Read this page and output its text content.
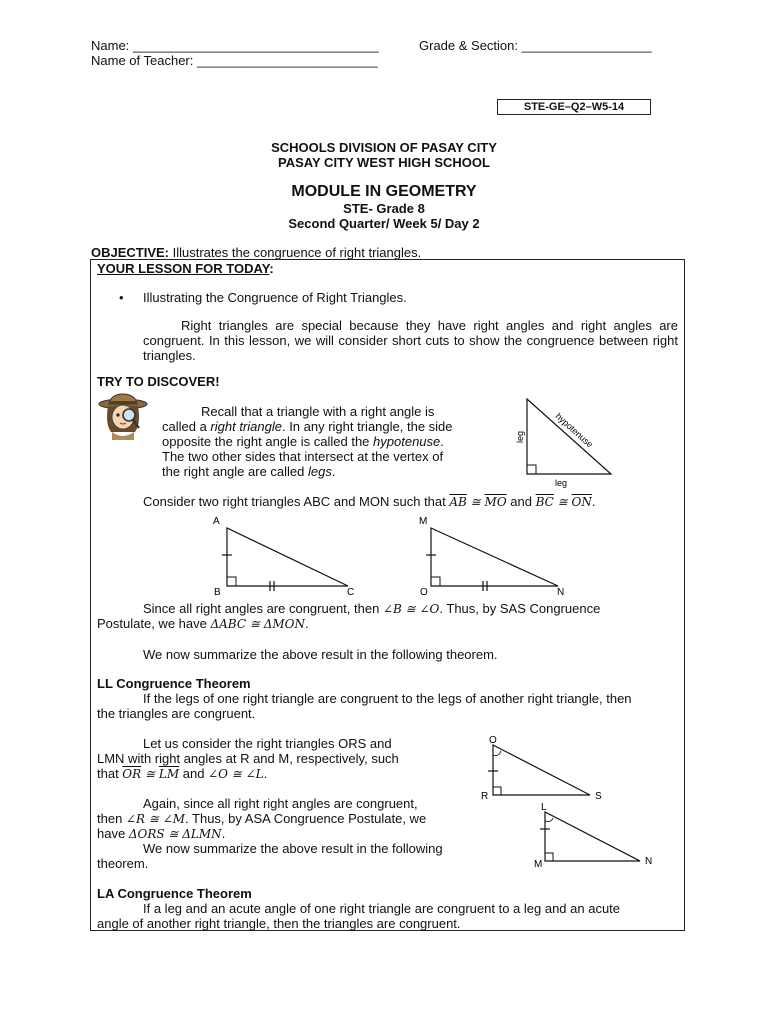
Name: __________________________________	Grade & Section: __________________
Name of Teacher: _________________________
STE-GE–Q2–W5-14
SCHOOLS DIVISION OF PASAY CITY
PASAY CITY WEST HIGH SCHOOL
MODULE IN GEOMETRY
STE- Grade 8
Second Quarter/ Week 5/ Day 2
OBJECTIVE: Illustrates the congruence of right triangles.
YOUR LESSON FOR TODAY:
• Illustrating the Congruence of Right Triangles.
Right triangles are special because they have right angles and right angles are congruent. In this lesson, we will consider short cuts to show the congruence between right triangles.
TRY TO DISCOVER!
Recall that a triangle with a right angle is
called a right triangle. In any right triangle, the side
opposite the right angle is called the hypotenuse.
The two other sides that intersect at the vertex of
the right angle are called legs.
leg
leg
hypotenuse
Consider two right triangles ABC and MON such that $\overline{AB}$ ≅ $\overline{MO}$ and $\overline{BC}$ ≅ $\overline{ON}$.
A
B	C
M
O	N
Since all right angles are congruent, then ∠B ≅ ∠O. Thus, by SAS Congruence
Postulate, we have ΔABC ≅ ΔMON.
We now summarize the above result in the following theorem.
LL Congruence Theorem
If the legs of one right triangle are congruent to the legs of another right triangle, then
the triangles are congruent.
Let us consider the right triangles ORS and
LMN with right angles at R and M, respectively, such
that $\overline{OR}$ ≅ $\overline{LM}$ and ∠O ≅ ∠L.
Again, since all right right angles are congruent,
then ∠R ≅ ∠M. Thus, by ASA Congruence Postulate, we
have ΔORS ≅ ΔLMN.
We now summarize the above result in the following
theorem.
O
R	S
L
M	N
LA Congruence Theorem
If a leg and an acute angle of one right triangle are congruent to a leg and an acute
angle of another right triangle, then the triangles are congruent.
